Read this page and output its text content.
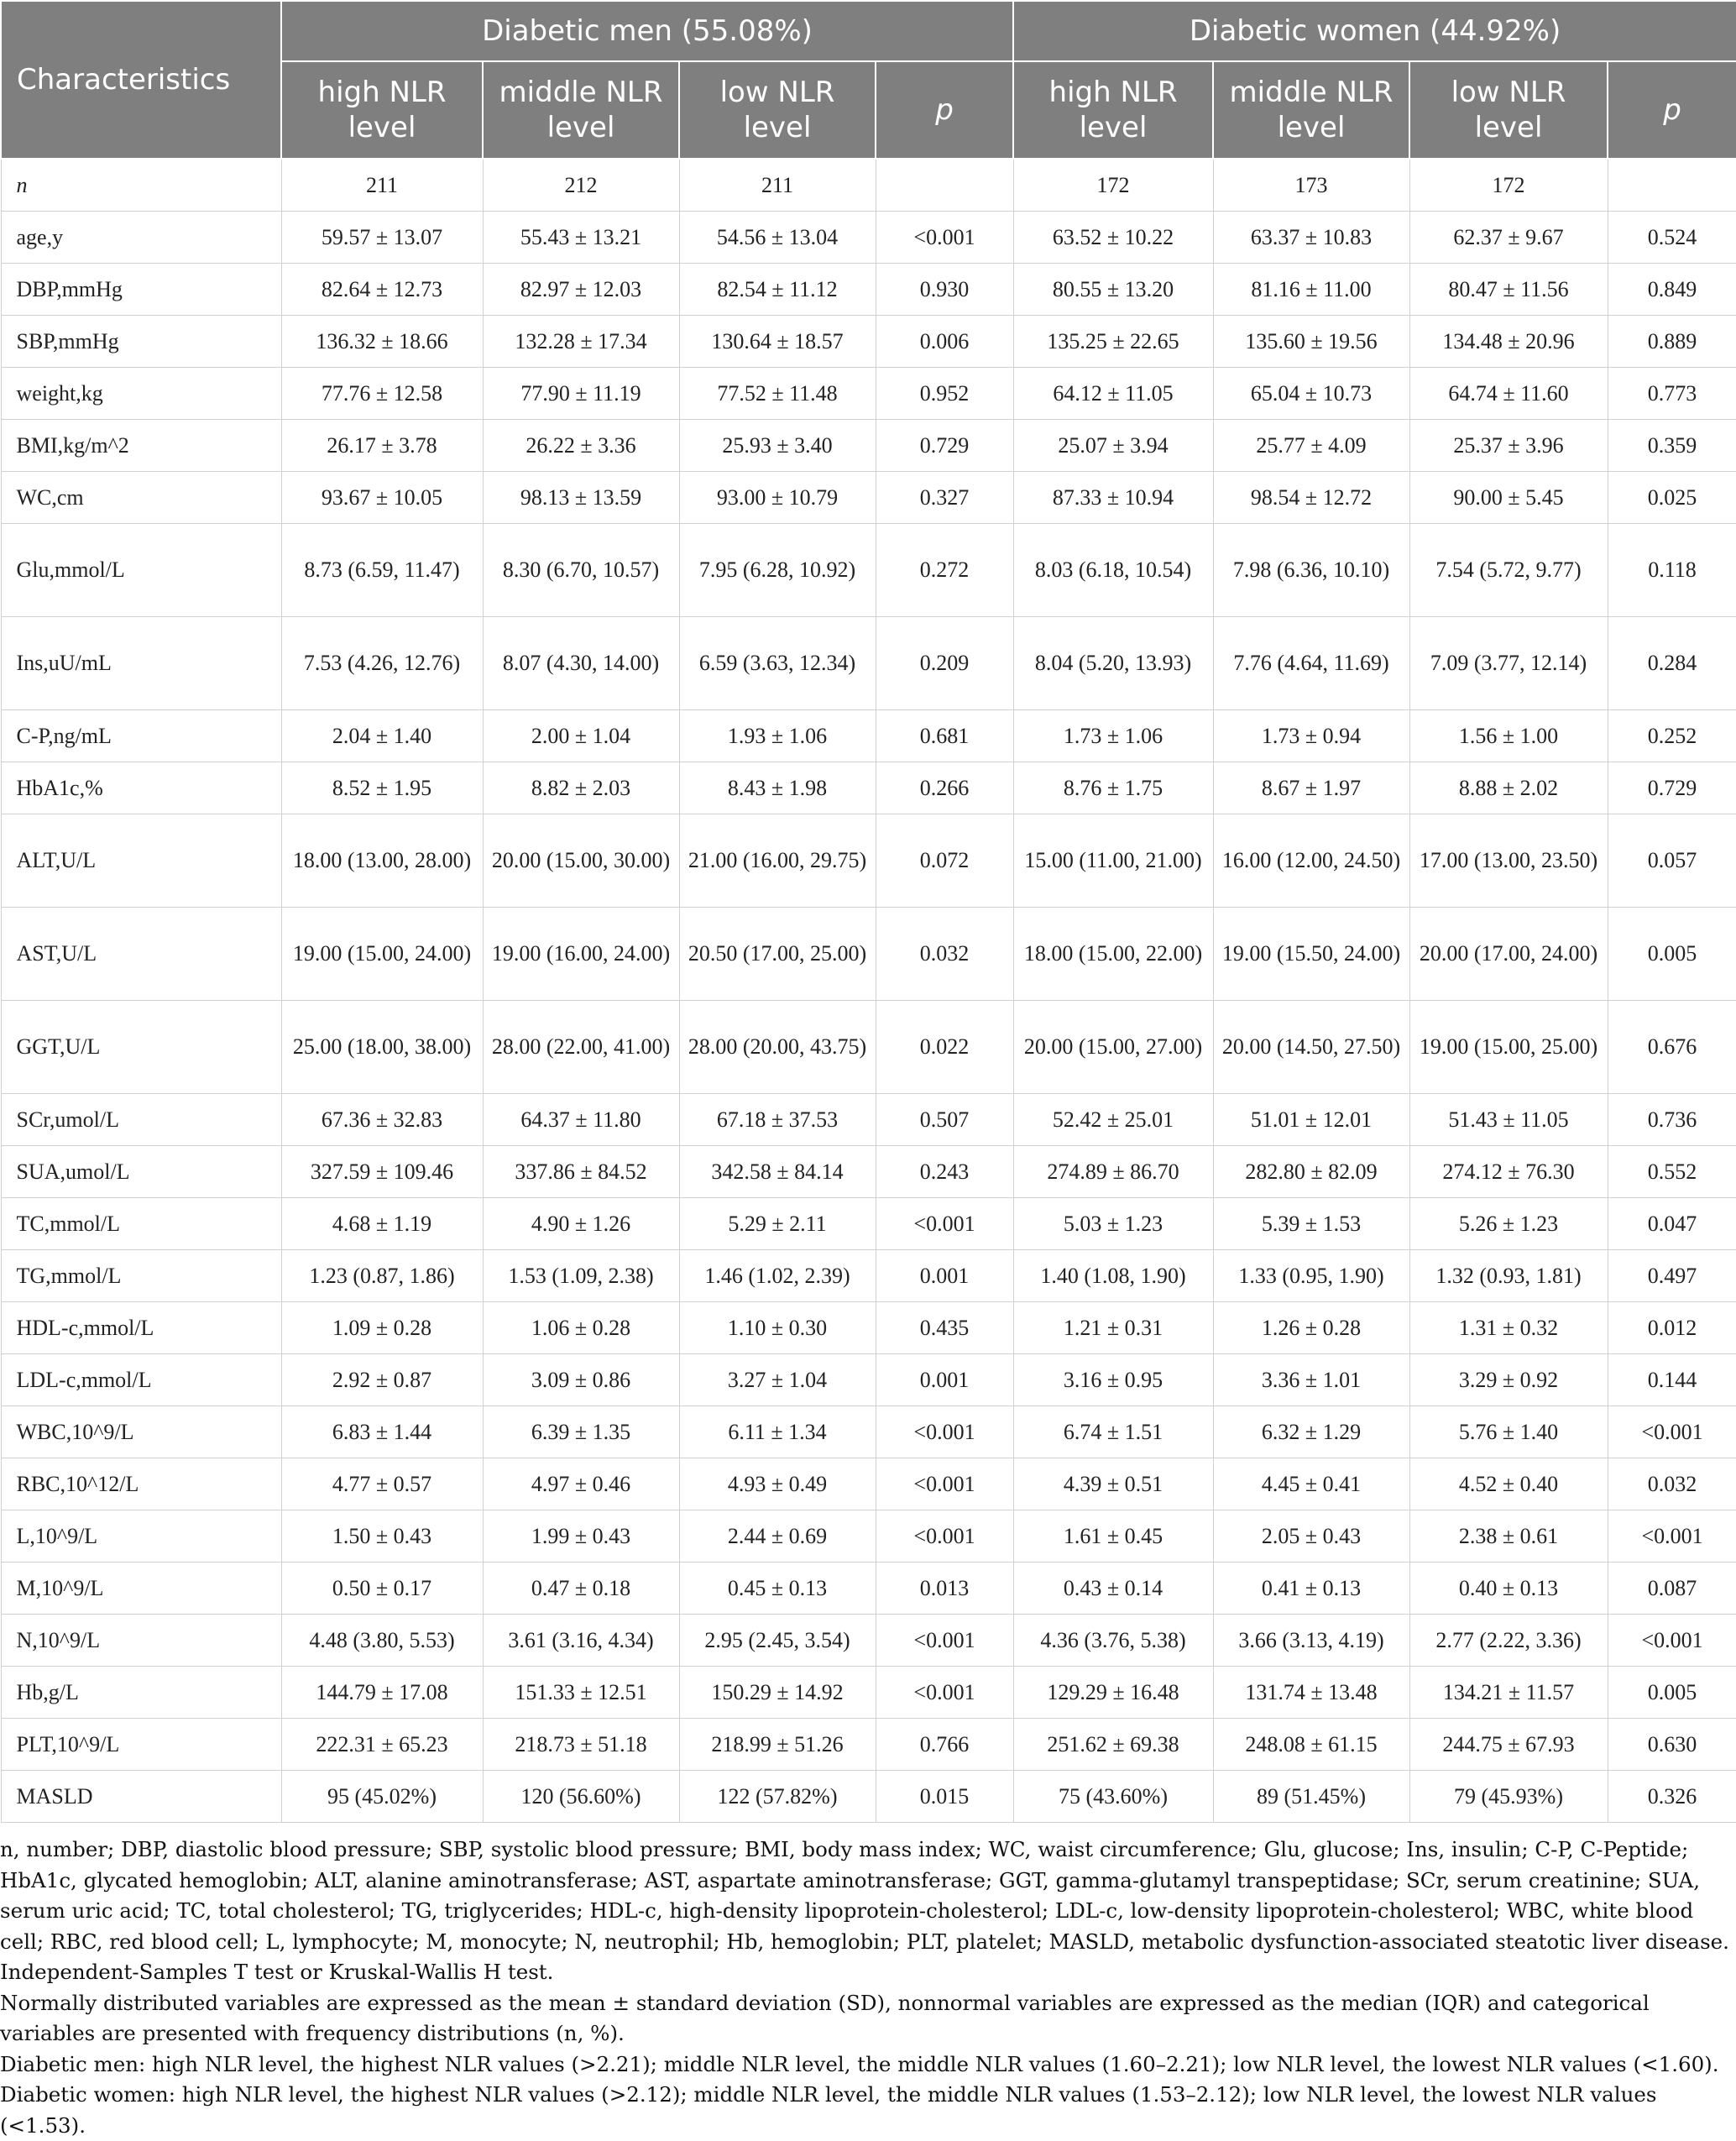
Characteristics	Diabetic men (55.08%)				Diabetic women (44.92%)			
	high NLR level	middle NLR level	low NLR level	p	high NLR level	middle NLR level	low NLR level	p
n	211	212	211		172	173	172	
age,y	59.57 ± 13.07	55.43 ± 13.21	54.56 ± 13.04	<0.001	63.52 ± 10.22	63.37 ± 10.83	62.37 ± 9.67	0.524
DBP,mmHg	82.64 ± 12.73	82.97 ± 12.03	82.54 ± 11.12	0.930	80.55 ± 13.20	81.16 ± 11.00	80.47 ± 11.56	0.849
SBP,mmHg	136.32 ± 18.66	132.28 ± 17.34	130.64 ± 18.57	0.006	135.25 ± 22.65	135.60 ± 19.56	134.48 ± 20.96	0.889
weight,kg	77.76 ± 12.58	77.90 ± 11.19	77.52 ± 11.48	0.952	64.12 ± 11.05	65.04 ± 10.73	64.74 ± 11.60	0.773
BMI,kg/m^2	26.17 ± 3.78	26.22 ± 3.36	25.93 ± 3.40	0.729	25.07 ± 3.94	25.77 ± 4.09	25.37 ± 3.96	0.359
WC,cm	93.67 ± 10.05	98.13 ± 13.59	93.00 ± 10.79	0.327	87.33 ± 10.94	98.54 ± 12.72	90.00 ± 5.45	0.025
Glu,mmol/L	8.73 (6.59, 11.47)	8.30 (6.70, 10.57)	7.95 (6.28, 10.92)	0.272	8.03 (6.18, 10.54)	7.98 (6.36, 10.10)	7.54 (5.72, 9.77)	0.118
Ins,uU/mL	7.53 (4.26, 12.76)	8.07 (4.30, 14.00)	6.59 (3.63, 12.34)	0.209	8.04 (5.20, 13.93)	7.76 (4.64, 11.69)	7.09 (3.77, 12.14)	0.284
C-P,ng/mL	2.04 ± 1.40	2.00 ± 1.04	1.93 ± 1.06	0.681	1.73 ± 1.06	1.73 ± 0.94	1.56 ± 1.00	0.252
HbA1c,%	8.52 ± 1.95	8.82 ± 2.03	8.43 ± 1.98	0.266	8.76 ± 1.75	8.67 ± 1.97	8.88 ± 2.02	0.729
ALT,U/L	18.00 (13.00, 28.00)	20.00 (15.00, 30.00)	21.00 (16.00, 29.75)	0.072	15.00 (11.00, 21.00)	16.00 (12.00, 24.50)	17.00 (13.00, 23.50)	0.057
AST,U/L	19.00 (15.00, 24.00)	19.00 (16.00, 24.00)	20.50 (17.00, 25.00)	0.032	18.00 (15.00, 22.00)	19.00 (15.50, 24.00)	20.00 (17.00, 24.00)	0.005
GGT,U/L	25.00 (18.00, 38.00)	28.00 (22.00, 41.00)	28.00 (20.00, 43.75)	0.022	20.00 (15.00, 27.00)	20.00 (14.50, 27.50)	19.00 (15.00, 25.00)	0.676
SCr,umol/L	67.36 ± 32.83	64.37 ± 11.80	67.18 ± 37.53	0.507	52.42 ± 25.01	51.01 ± 12.01	51.43 ± 11.05	0.736
SUA,umol/L	327.59 ± 109.46	337.86 ± 84.52	342.58 ± 84.14	0.243	274.89 ± 86.70	282.80 ± 82.09	274.12 ± 76.30	0.552
TC,mmol/L	4.68 ± 1.19	4.90 ± 1.26	5.29 ± 2.11	<0.001	5.03 ± 1.23	5.39 ± 1.53	5.26 ± 1.23	0.047
TG,mmol/L	1.23 (0.87, 1.86)	1.53 (1.09, 2.38)	1.46 (1.02, 2.39)	0.001	1.40 (1.08, 1.90)	1.33 (0.95, 1.90)	1.32 (0.93, 1.81)	0.497
HDL-c,mmol/L	1.09 ± 0.28	1.06 ± 0.28	1.10 ± 0.30	0.435	1.21 ± 0.31	1.26 ± 0.28	1.31 ± 0.32	0.012
LDL-c,mmol/L	2.92 ± 0.87	3.09 ± 0.86	3.27 ± 1.04	0.001	3.16 ± 0.95	3.36 ± 1.01	3.29 ± 0.92	0.144
WBC,10^9/L	6.83 ± 1.44	6.39 ± 1.35	6.11 ± 1.34	<0.001	6.74 ± 1.51	6.32 ± 1.29	5.76 ± 1.40	<0.001
RBC,10^12/L	4.77 ± 0.57	4.97 ± 0.46	4.93 ± 0.49	<0.001	4.39 ± 0.51	4.45 ± 0.41	4.52 ± 0.40	0.032
L,10^9/L	1.50 ± 0.43	1.99 ± 0.43	2.44 ± 0.69	<0.001	1.61 ± 0.45	2.05 ± 0.43	2.38 ± 0.61	<0.001
M,10^9/L	0.50 ± 0.17	0.47 ± 0.18	0.45 ± 0.13	0.013	0.43 ± 0.14	0.41 ± 0.13	0.40 ± 0.13	0.087
N,10^9/L	4.48 (3.80, 5.53)	3.61 (3.16, 4.34)	2.95 (2.45, 3.54)	<0.001	4.36 (3.76, 5.38)	3.66 (3.13, 4.19)	2.77 (2.22, 3.36)	<0.001
Hb,g/L	144.79 ± 17.08	151.33 ± 12.51	150.29 ± 14.92	<0.001	129.29 ± 16.48	131.74 ± 13.48	134.21 ± 11.57	0.005
PLT,10^9/L	222.31 ± 65.23	218.73 ± 51.18	218.99 ± 51.26	0.766	251.62 ± 69.38	248.08 ± 61.15	244.75 ± 67.93	0.630
MASLD	95 (45.02%)	120 (56.60%)	122 (57.82%)	0.015	75 (43.60%)	89 (51.45%)	79 (45.93%)	0.326

n, number; DBP, diastolic blood pressure; SBP, systolic blood pressure; BMI, body mass index; WC, waist circumference; Glu, glucose; Ins, insulin; C-P, C-Peptide; HbA1c, glycated hemoglobin; ALT, alanine aminotransferase; AST, aspartate aminotransferase; GGT, gamma-glutamyl transpeptidase; SCr, serum creatinine; SUA, serum uric acid; TC, total cholesterol; TG, triglycerides; HDL-c, high-density lipoprotein-cholesterol; LDL-c, low-density lipoprotein-cholesterol; WBC, white blood cell; RBC, red blood cell; L, lymphocyte; M, monocyte; N, neutrophil; Hb, hemoglobin; PLT, platelet; MASLD, metabolic dysfunction-associated steatotic liver disease.

Independent-Samples T test or Kruskal-Wallis H test.

Normally distributed variables are expressed as the mean ± standard deviation (SD), nonnormal variables are expressed as the median (IQR) and categorical variables are presented with frequency distributions (n, %).

Diabetic men: high NLR level, the highest NLR values (>2.21); middle NLR level, the middle NLR values (1.60–2.21); low NLR level, the lowest NLR values (<1.60).

Diabetic women: high NLR level, the highest NLR values (>2.12); middle NLR level, the middle NLR values (1.53–2.12); low NLR level, the lowest NLR values (<1.53).
